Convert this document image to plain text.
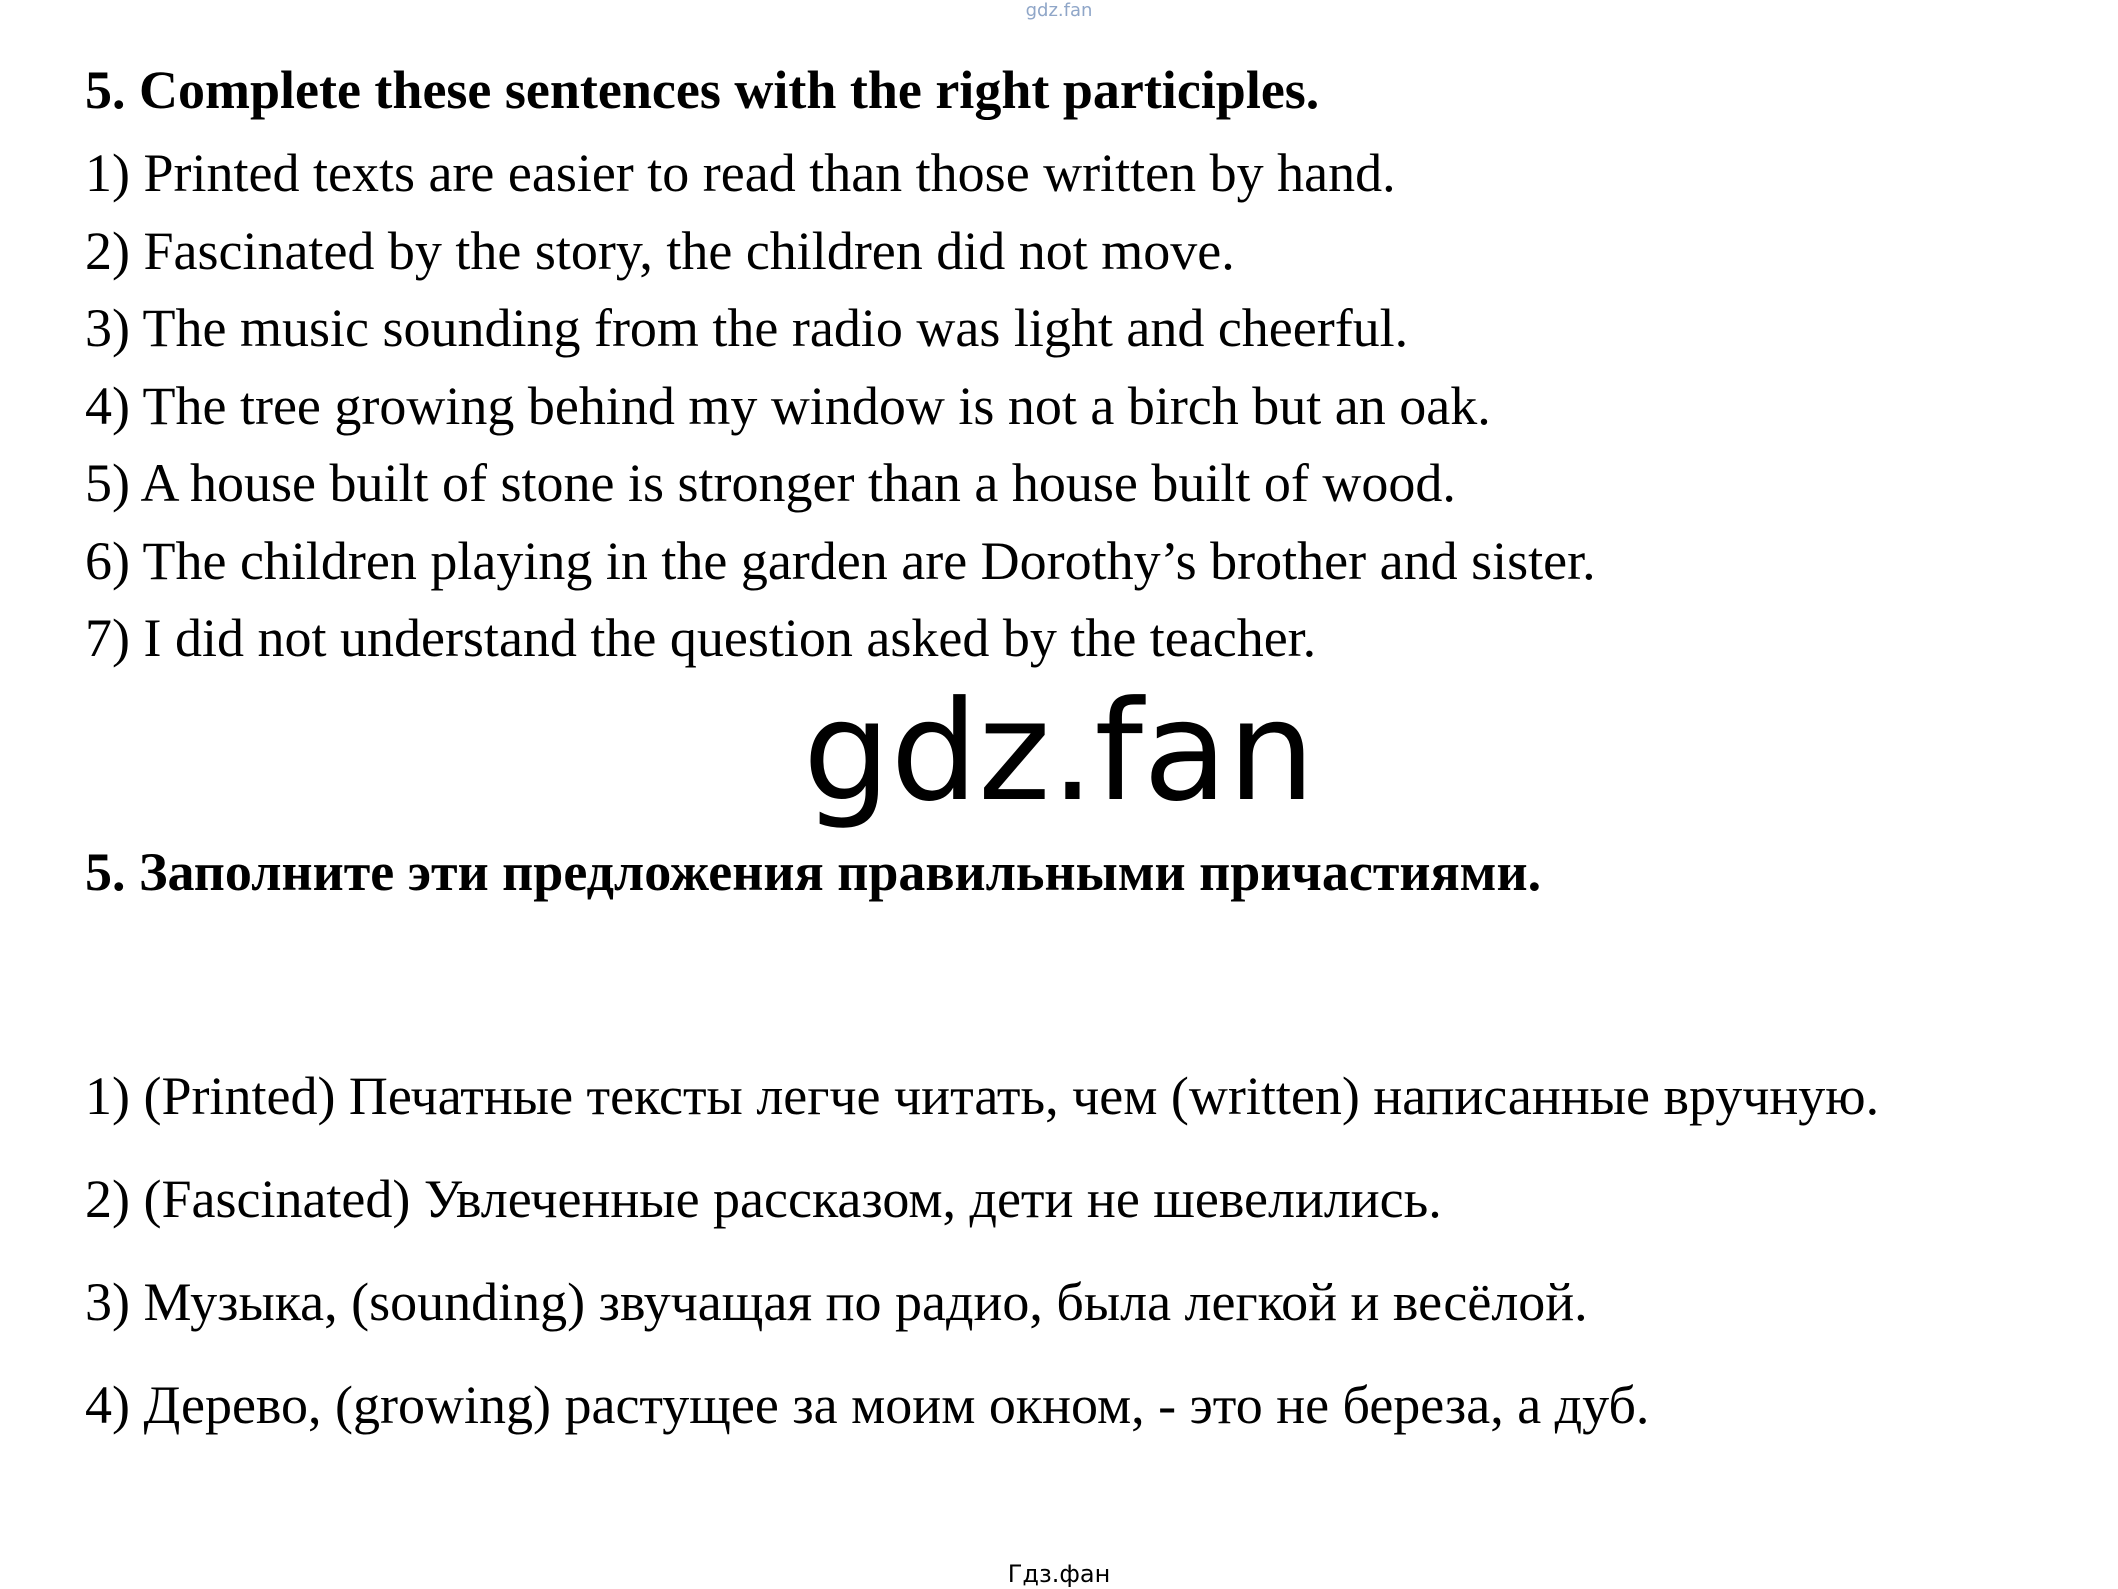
gdz.fan
5. Complete these sentences with the right participles.
1) Printed texts are easier to read than those written by hand.
2) Fascinated by the story, the children did not move.
3) The music sounding from the radio was light and cheerful.
4) The tree growing behind my window is not a birch but an oak.
5) A house built of stone is stronger than a house built of wood.
6) The children playing in the garden are Dorothy’s brother and sister.
7) I did not understand the question asked by the teacher.
gdz.fan
5. Заполните эти предложения правильными причастиями.
1) (Printed) Печатные тексты легче читать, чем (written) написанные вручную.
2) (Fascinated) Увлеченные рассказом, дети не шевелились.
3) Музыка, (sounding) звучащая по радио, была легкой и весёлой.
4) Дерево, (growing) растущее за моим окном, - это не береза, а дуб.
Гдз.фан
